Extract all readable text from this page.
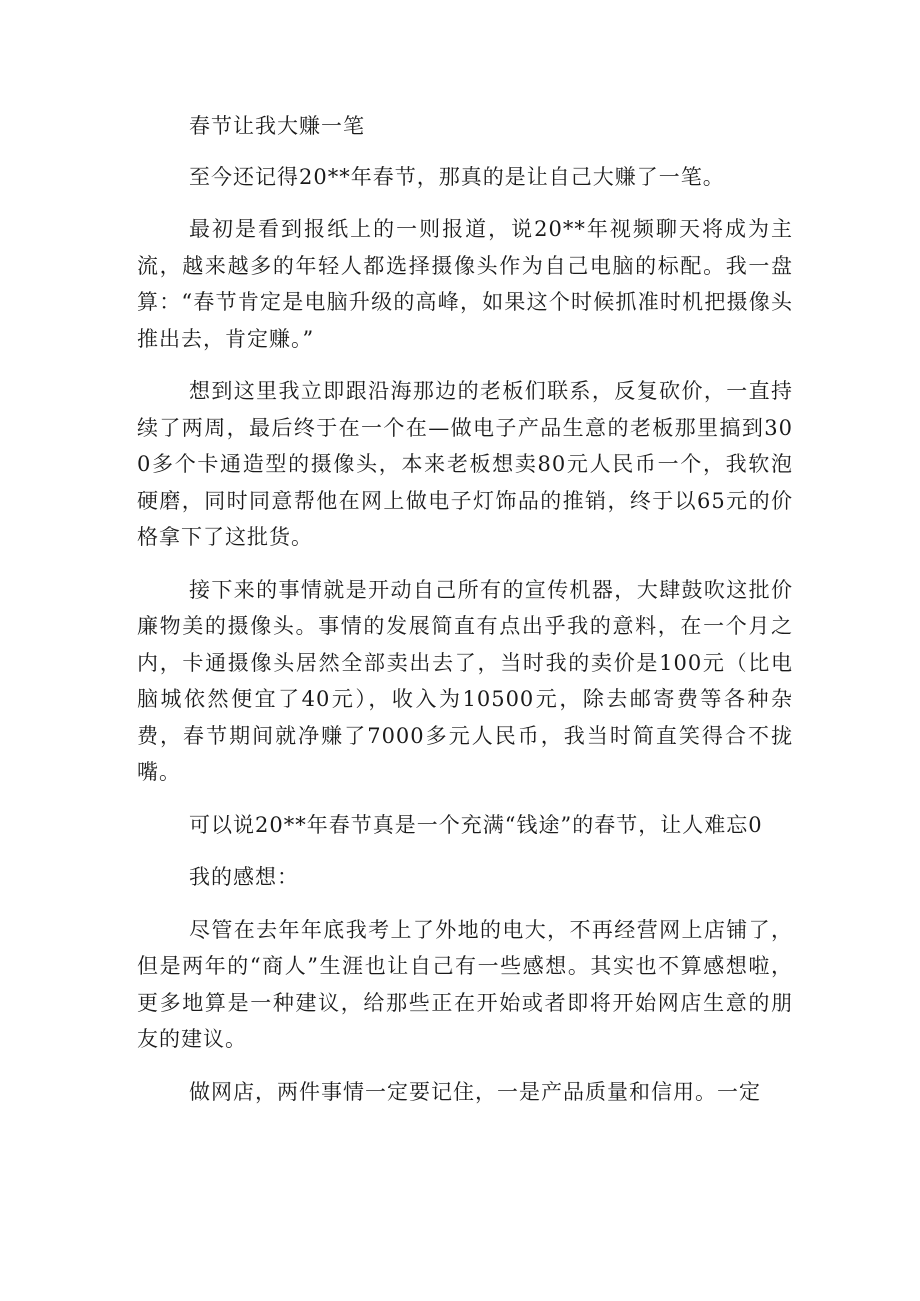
春节让我大赚一笔

至今还记得20**年春节，那真的是让自己大赚了一笔。

最初是看到报纸上的一则报道，说20**年视频聊天将成为主流，越来越多的年轻人都选择摄像头作为自己电脑的标配。我一盘算：“春节肯定是电脑升级的高峰，如果这个时候抓准时机把摄像头推出去，肯定赚。”

想到这里我立即跟沿海那边的老板们联系，反复砍价，一直持续了两周，最后终于在一个在—做电子产品生意的老板那里搞到300多个卡通造型的摄像头，本来老板想卖80元人民币一个，我软泡硬磨，同时同意帮他在网上做电子灯饰品的推销，终于以65元的价格拿下了这批货。

接下来的事情就是开动自己所有的宣传机器，大肆鼓吹这批价廉物美的摄像头。事情的发展简直有点出乎我的意料，在一个月之内，卡通摄像头居然全部卖出去了，当时我的卖价是100元（比电脑城依然便宜了40元），收入为10500元，除去邮寄费等各种杂费，春节期间就净赚了7000多元人民币，我当时简直笑得合不拢嘴。

可以说20**年春节真是一个充满“钱途”的春节，让人难忘0

我的感想：

尽管在去年年底我考上了外地的电大，不再经营网上店铺了，但是两年的“商人”生涯也让自己有一些感想。其实也不算感想啦，更多地算是一种建议，给那些正在开始或者即将开始网店生意的朋友的建议。

做网店，两件事情一定要记住，一是产品质量和信用。一定
